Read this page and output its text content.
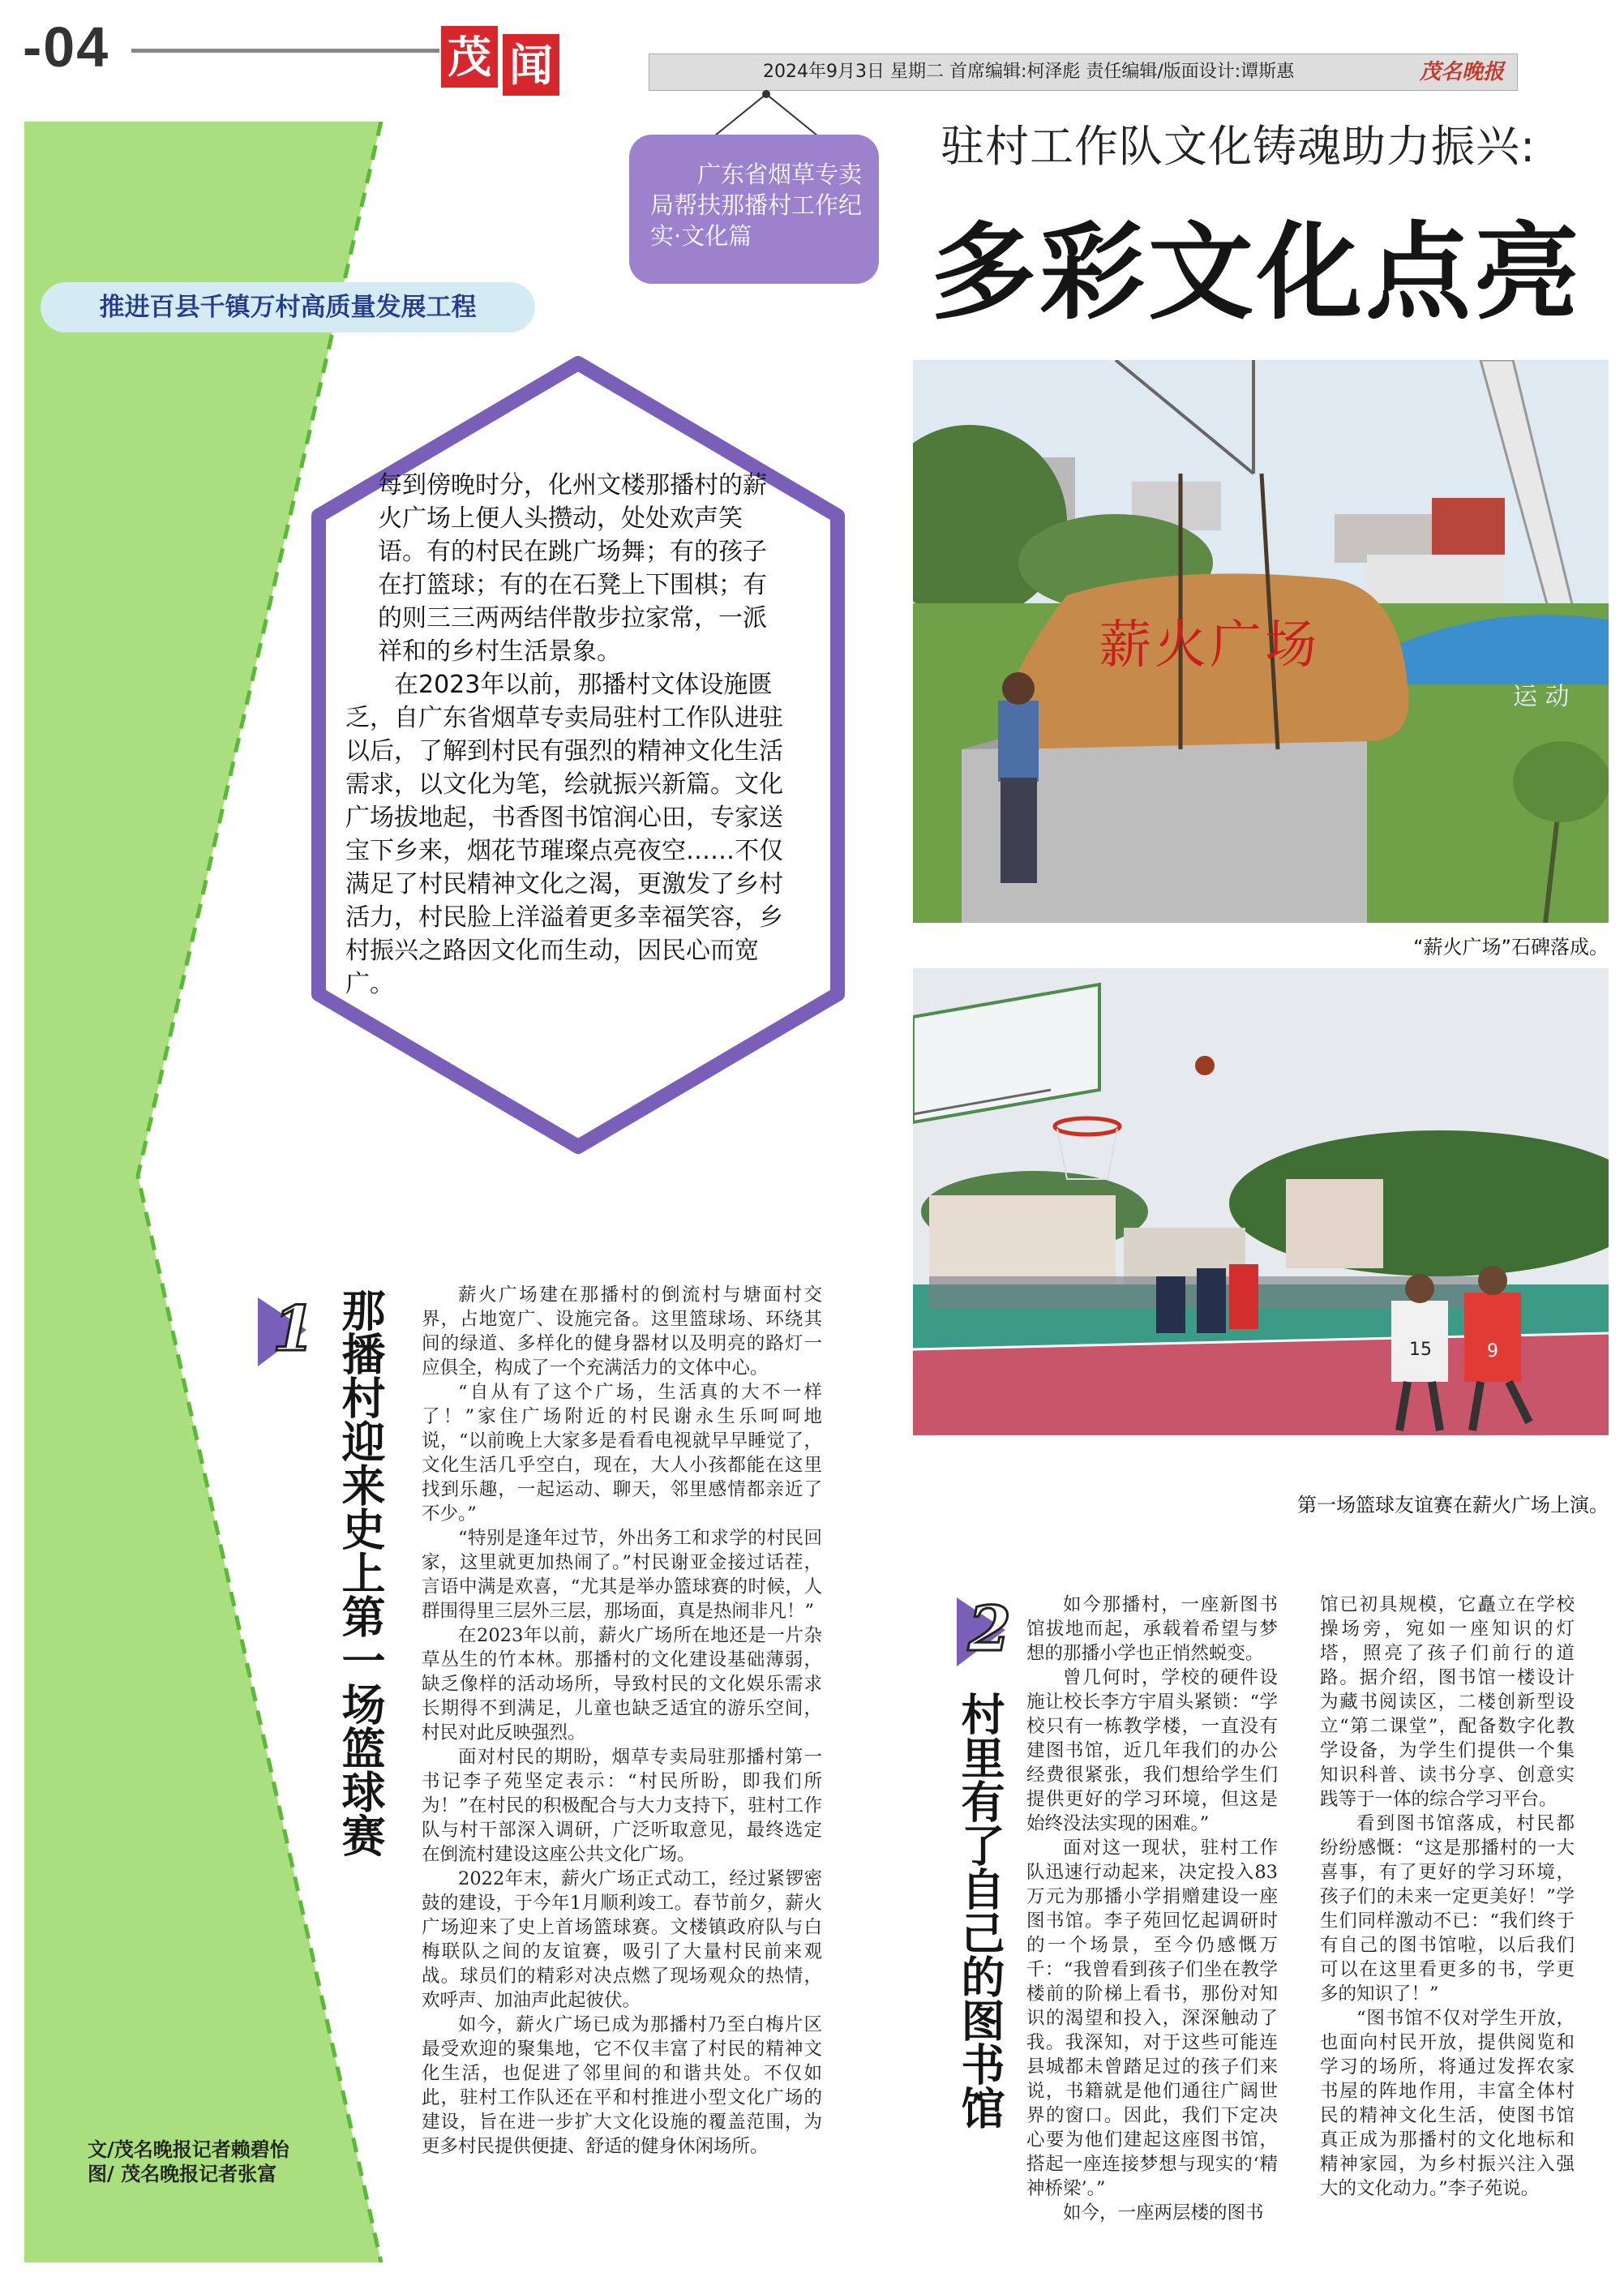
-04	茂 闻	2024年9月3日 星期二 首席编辑:柯泽彪 责任编辑/版面设计:谭斯惠	茂名晚报
广东省烟草专卖局帮扶那播村工作纪实·文化篇
驻村工作队文化铸魂助力振兴:
多彩文化点亮
推进百县千镇万村高质量发展工程

每到傍晚时分，化州文楼那播村的薪火广场上便人头攒动，处处欢声笑语。有的村民在跳广场舞；有的孩子在打篮球；有的在石凳上下围棋；有的则三三两两结伴散步拉家常，一派祥和的乡村生活景象。

在2023年以前，那播村文体设施匮乏，自广东省烟草专卖局驻村工作队进驻以后，了解到村民有强烈的精神文化生活需求，以文化为笔，绘就振兴新篇。文化广场拔地起，书香图书馆润心田，专家送宝下乡来，烟花节璀璨点亮夜空……不仅满足了村民精神文化之渴，更激发了乡村活力，村民脸上洋溢着更多幸福笑容，乡村振兴之路因文化而生动，因民心而宽广。

薪火广场
运 动
“薪火广场”石碑落成。
15	9
第一场篮球友谊赛在薪火广场上演。
1 那播村迎来史上第一场篮球赛	薪火广场建在那播村的倒流村与塘面村交界，占地宽广、设施完备。这里篮球场、环绕其间的绿道、多样化的健身器材以及明亮的路灯一应俱全，构成了一个充满活力的文体中心。

“自从有了这个广场，生活真的大不一样了！”家住广场附近的村民谢永生乐呵呵地说，“以前晚上大家多是看看电视就早早睡觉了，文化生活几乎空白，现在，大人小孩都能在这里找到乐趣，一起运动、聊天，邻里感情都亲近了不少。”

“特别是逢年过节，外出务工和求学的村民回家，这里就更加热闹了。”村民谢亚金接过话茬，言语中满是欢喜，“尤其是举办篮球赛的时候，人群围得里三层外三层，那场面，真是热闹非凡！”

在2023年以前，薪火广场所在地还是一片杂草丛生的竹本林。那播村的文化建设基础薄弱，缺乏像样的活动场所，导致村民的文化娱乐需求长期得不到满足，儿童也缺乏适宜的游乐空间，村民对此反映强烈。

面对村民的期盼，烟草专卖局驻那播村第一书记李子苑坚定表示：“村民所盼，即我们所为！”在村民的积极配合与大力支持下，驻村工作队与村干部深入调研，广泛听取意见，最终选定在倒流村建设这座公共文化广场。

2022年末，薪火广场正式动工，经过紧锣密鼓的建设，于今年1月顺利竣工。春节前夕，薪火广场迎来了史上首场篮球赛。文楼镇政府队与白梅联队之间的友谊赛，吸引了大量村民前来观战。球员们的精彩对决点燃了现场观众的热情，欢呼声、加油声此起彼伏。

如今，薪火广场已成为那播村乃至白梅片区最受欢迎的聚集地，它不仅丰富了村民的精神文化生活，也促进了邻里间的和谐共处。不仅如此，驻村工作队还在平和村推进小型文化广场的建设，旨在进一步扩大文化设施的覆盖范围，为更多村民提供便捷、舒适的健身休闲场所。

文/茂名晚报记者赖碧怡
图/ 茂名晚报记者张富
2
村里有了自己的图书馆

如今那播村，一座新图书馆拔地而起，承载着希望与梦想的那播小学也正悄然蜕变。

曾几何时，学校的硬件设施让校长李方宇眉头紧锁：“学校只有一栋教学楼，一直没有建图书馆，近几年我们的办公经费很紧张，我们想给学生们提供更好的学习环境，但这是始终没法实现的困难。”

面对这一现状，驻村工作队迅速行动起来，决定投入83万元为那播小学捐赠建设一座图书馆。李子苑回忆起调研时的一个场景，至今仍感慨万千：“我曾看到孩子们坐在教学楼前的阶梯上看书，那份对知识的渴望和投入，深深触动了我。我深知，对于这些可能连县城都未曾踏足过的孩子们来说，书籍就是他们通往广阔世界的窗口。因此，我们下定决心要为他们建起这座图书馆，搭起一座连接梦想与现实的‘精神桥梁’。”

如今，一座两层楼的图书

馆已初具规模，它矗立在学校操场旁，宛如一座知识的灯塔，照亮了孩子们前行的道路。据介绍，图书馆一楼设计为藏书阅读区，二楼创新型设立“第二课堂”，配备数字化教学设备，为学生们提供一个集知识科普、读书分享、创意实践等于一体的综合学习平台。

看到图书馆落成，村民都纷纷感慨：“这是那播村的一大喜事，有了更好的学习环境，孩子们的未来一定更美好！”学生们同样激动不已：“我们终于有自己的图书馆啦，以后我们可以在这里看更多的书，学更多的知识了！”

“图书馆不仅对学生开放，也面向村民开放，提供阅览和学习的场所，将通过发挥农家书屋的阵地作用，丰富全体村民的精神文化生活，使图书馆真正成为那播村的文化地标和精神家园，为乡村振兴注入强大的文化动力。”李子苑说。
